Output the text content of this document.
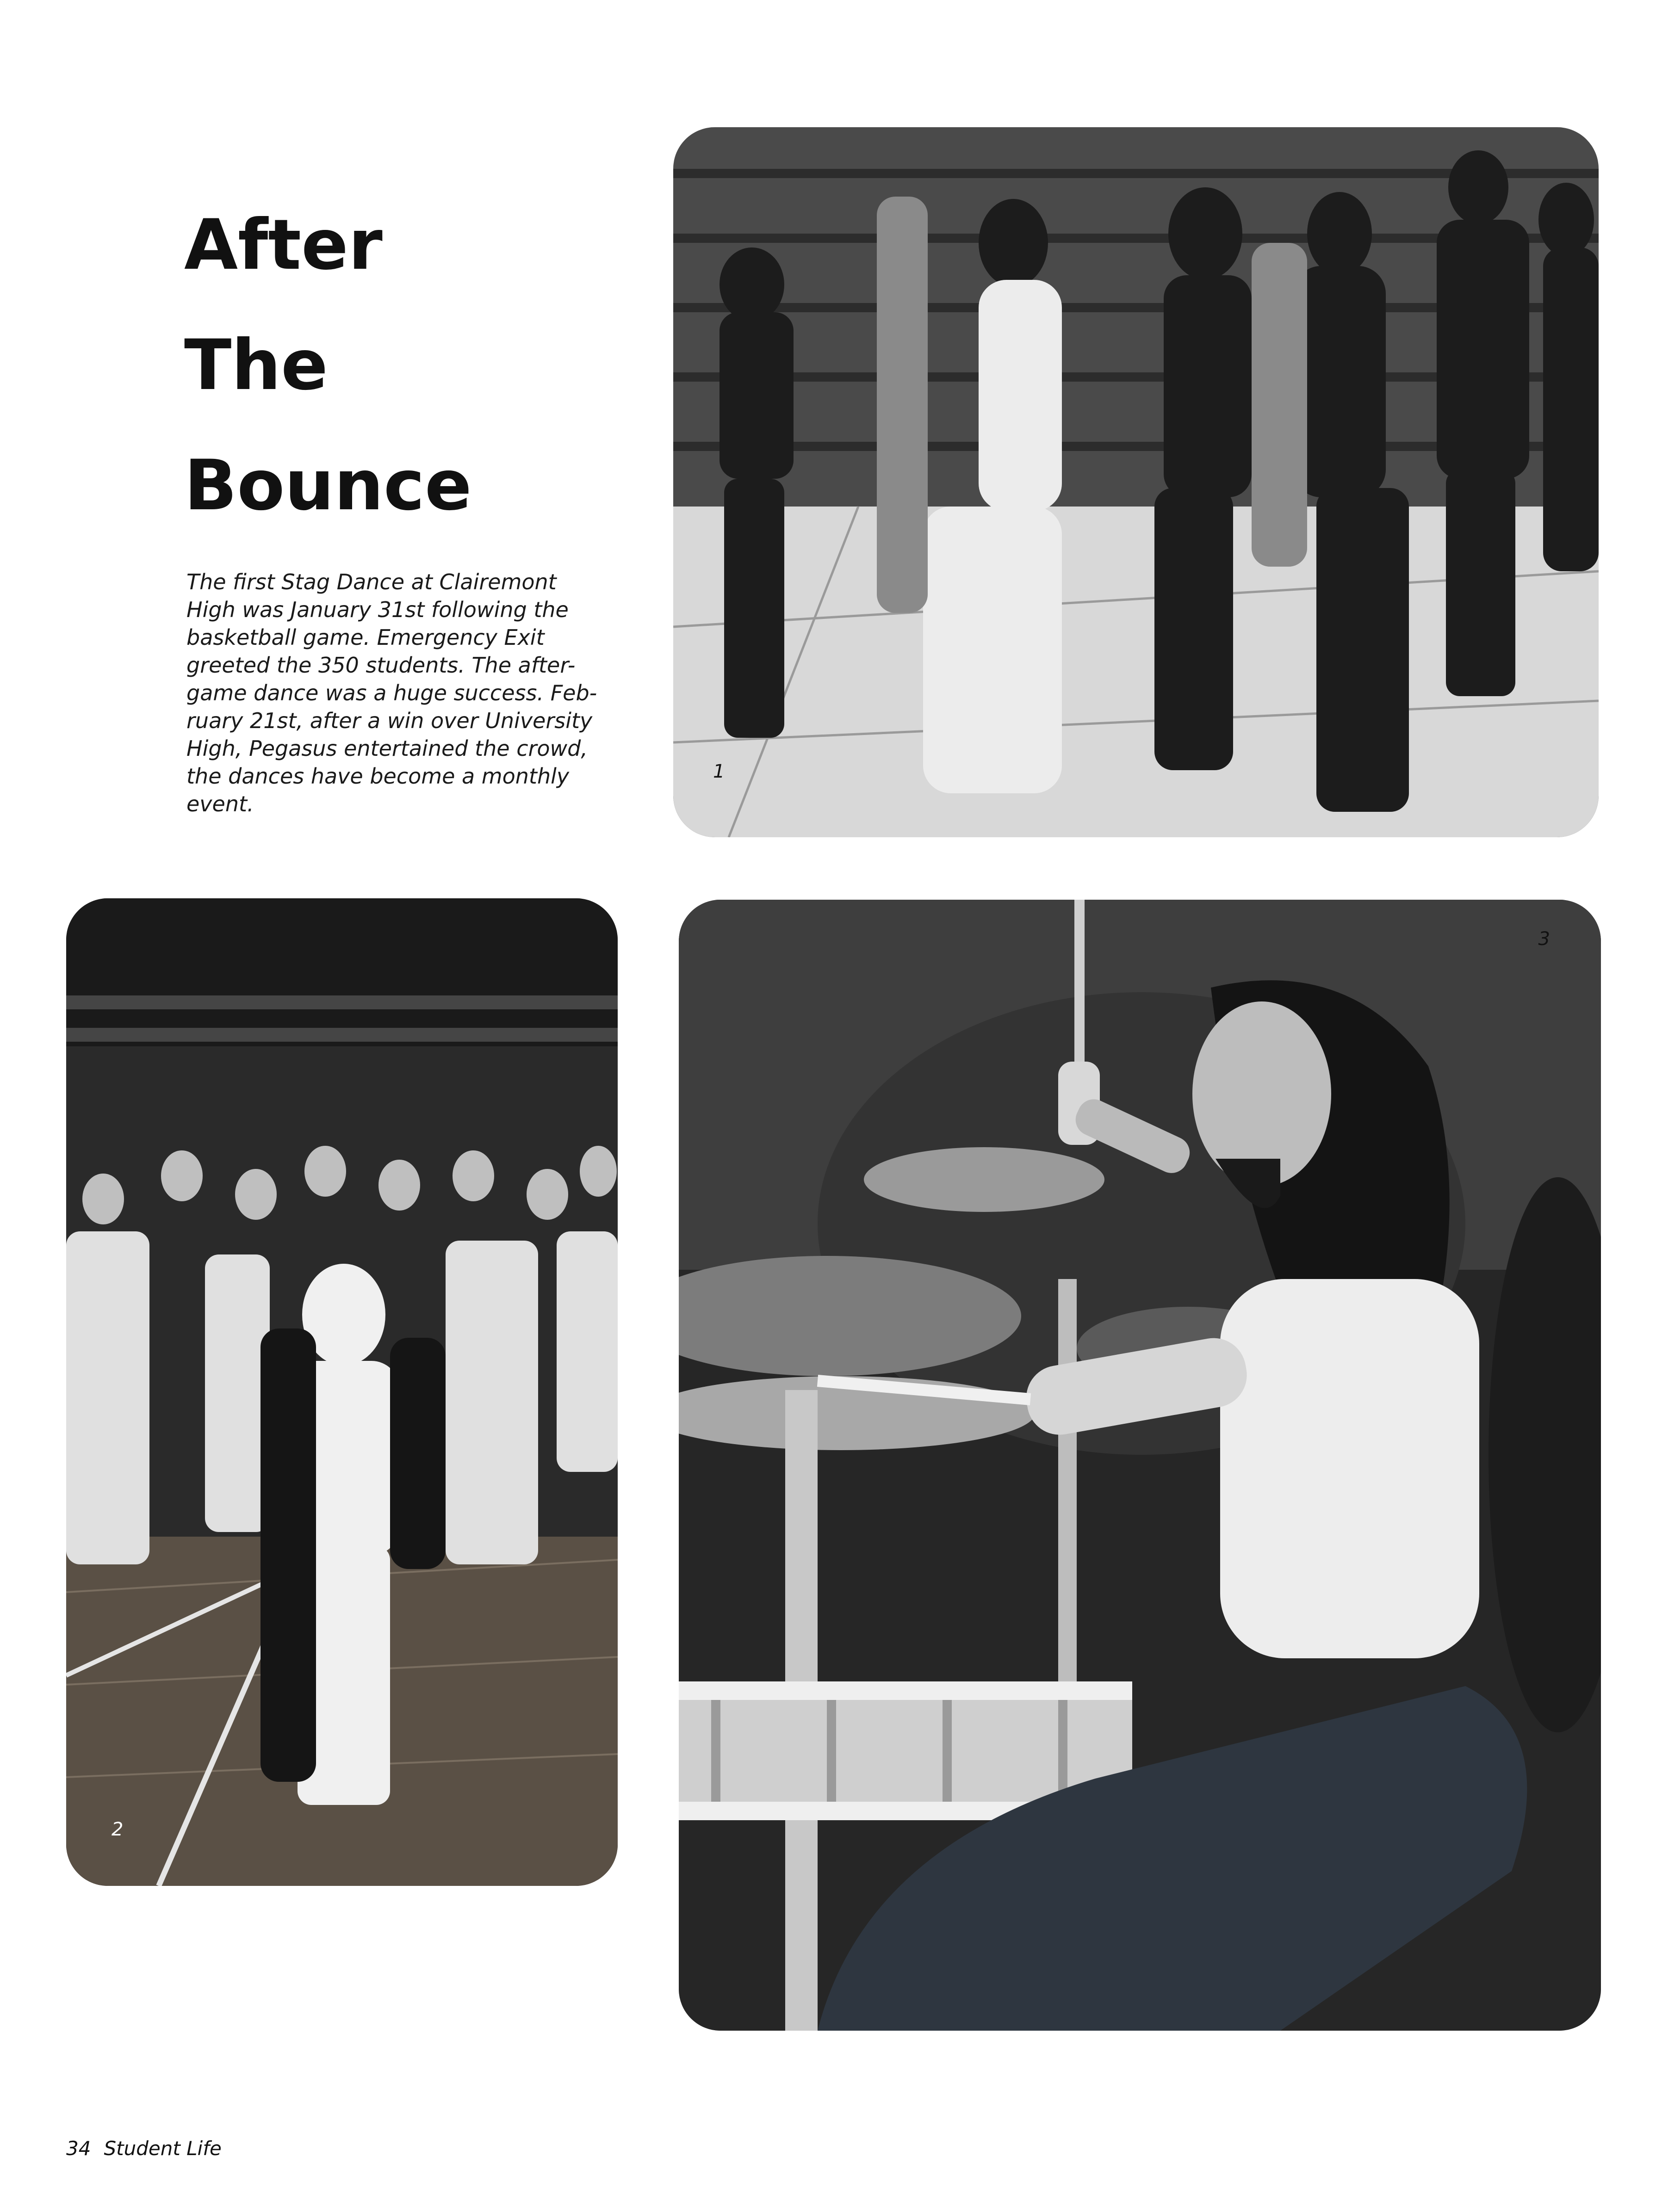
After
The
Bounce
The first Stag Dance at Clairemont
High was January 31st following the
basketball game. Emergency Exit
greeted the 350 students. The after-
game dance was a huge success. Feb-
ruary 21st, after a win over University
High, Pegasus entertained the crowd,
the dances have become a monthly
event.
1
2
3
34 Student Life
